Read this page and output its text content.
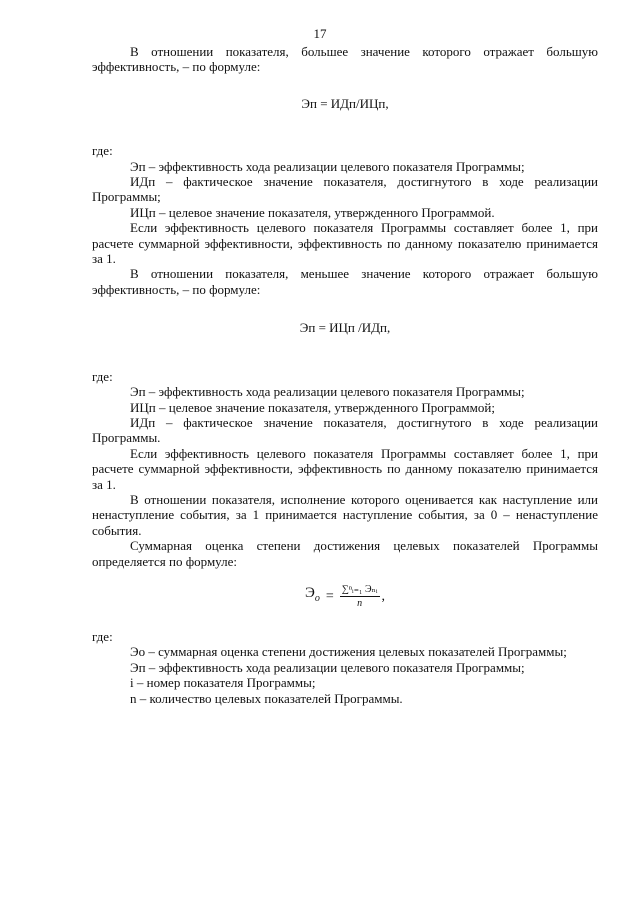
17

В отношении показателя, большее значение которого отражает большую эффективность, – по формуле:

Эп = ИДп/ИЦп,

где:

Эп – эффективность хода реализации целевого показателя Программы;

ИДп – фактическое значение показателя, достигнутого в ходе реализации Программы;

ИЦп – целевое значение показателя, утвержденного Программой.

Если эффективность целевого показателя Программы составляет более 1, при расчете суммарной эффективности, эффективность по данному показателю принимается за 1.

В отношении показателя, меньшее значение которого отражает большую эффективность, – по формуле:

Эп = ИЦп /ИДп,

где:

Эп – эффективность хода реализации целевого показателя Программы;

ИЦп – целевое значение показателя, утвержденного Программой;

ИДп – фактическое значение показателя, достигнутого в ходе реализации Программы.

Если эффективность целевого показателя Программы составляет более 1, при расчете суммарной эффективности, эффективность по данному показателю принимается за 1.

В отношении показателя, исполнение которого оценивается как наступление или ненаступление события, за 1 принимается наступление события, за 0 – ненаступление события.

Суммарная оценка степени достижения целевых показателей Программы определяется по формуле:

$Э_о = \frac{\text{∑ⁿᵢ₌₁ Эₙᵢ}}{n}$ ,

где:

Эо – суммарная оценка степени достижения целевых показателей Программы;

Эп – эффективность хода реализации целевого показателя Программы;

i – номер показателя Программы;

n – количество целевых показателей Программы.
